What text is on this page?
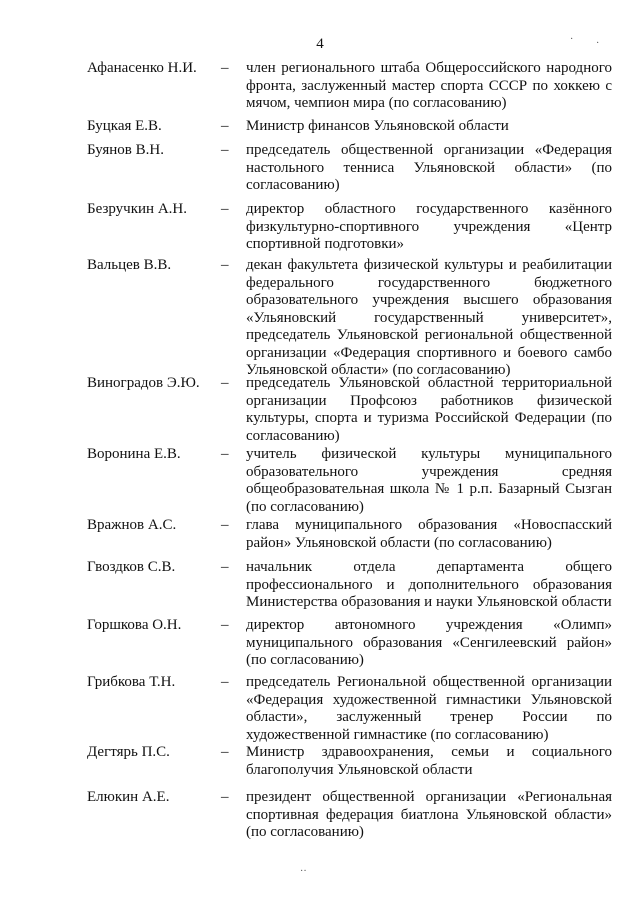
4	· ·
··
Афанасенко Н.И. – член регионального штаба Общероссийского народного фронта, заслуженный мастер спорта СССР по хоккею с мячом, чемпион мира (по согласованию)
Буцкая Е.В.	– Министр финансов Ульяновской области
Буянов В.Н.	– председатель общественной организации «Федерация настольного тенниса Ульяновской области» (по согласованию)
Безручкин А.Н. – директор областного государственного казённого физкультурно-спортивного учреждения «Центр спортивной подготовки»
Вальцев В.В.	– декан факультета физической культуры и реабилитации федерального государственного бюджетного образовательного учреждения высшего образования «Ульяновский государственный университет», председатель Ульяновской региональной общественной организации «Федерация спортивного и боевого самбо Ульяновской области» (по согласованию)
Виноградов Э.Ю. – председатель Ульяновской областной территориальной организации Профсоюз работников физической культуры, спорта и туризма Российской Федерации (по согласованию)
Воронина Е.В.	– учитель физической культуры муниципального образовательного учреждения средняя общеобразовательная школа № 1 р.п. Базарный Сызган (по согласованию)
Вражнов А.С.	– глава муниципального образования «Новоспасский район» Ульяновской области (по согласованию)
Гвоздков С.В.	– начальник отдела департамента общего профессионального и дополнительного образования Министерства образования и науки Ульяновской области
Горшкова О.Н.	– директор автономного учреждения «Олимп» муниципального образования «Сенгилеевский район» (по согласованию)
Грибкова Т.Н.	– председатель Региональной общественной организации «Федерация художественной гимнастики Ульяновской области», заслуженный тренер России по художественной гимнастике (по согласованию)
Дегтярь П.С.	– Министр здравоохранения, семьи и социального благополучия Ульяновской области
Елюкин А.Е.	– президент общественной организации «Региональная спортивная федерация биатлона Ульяновской области» (по согласованию)
